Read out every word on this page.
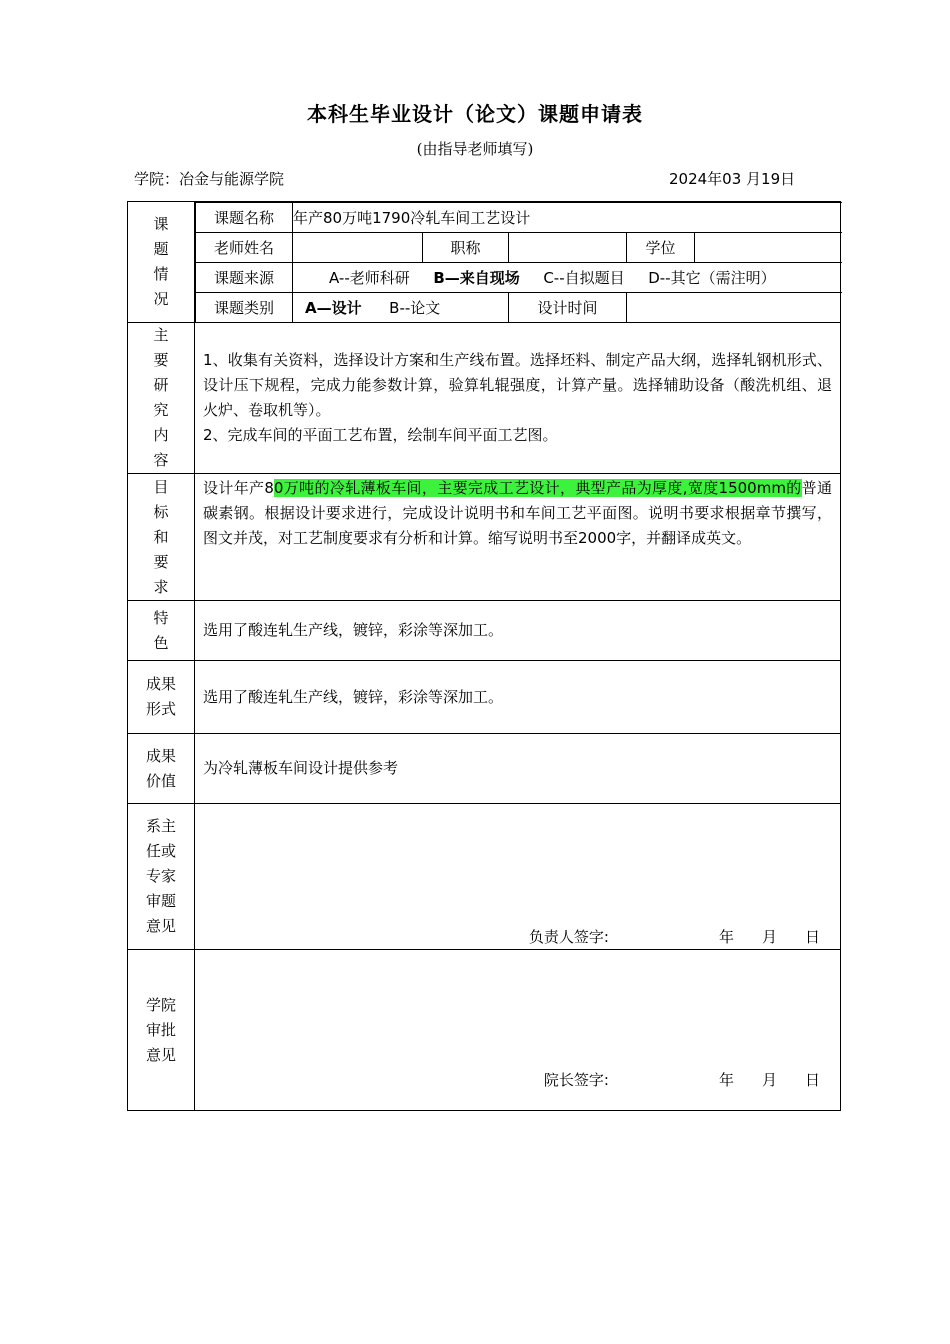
本科生毕业设计（论文）课题申请表
(由指导老师填写)
学院：冶金与能源学院	2024年03 月19日
课
题
情
况

课题名称	年产80万吨1790冷轧车间工艺设计
老师姓名		职称		学位	
课题来源	A--老师科研 B—来自现场 C--自拟题目 D--其它（需注明）
课题类别	A—设计 B--论文	设计时间	

主
要
研
究
内
容

1、收集有关资料，选择设计方案和生产线布置。选择坯料、制定产品大纲，选择轧钢机形式、设计压下规程，完成力能参数计算，验算轧辊强度，计算产量。选择辅助设备（酸洗机组、退火炉、卷取机等）。
2、完成车间的平面工艺布置，绘制车间平面工艺图。

目
标
和
要
求

设计年产80万吨的冷轧薄板车间，主要完成工艺设计，典型产品为厚度,宽度1500mm的普通碳素钢。根据设计要求进行，完成设计说明书和车间工艺平面图。说明书要求根据章节撰写，图文并茂，对工艺制度要求有分析和计算。缩写说明书至2000字，并翻译成英文。

特
色

选用了酸连轧生产线，镀锌，彩涂等深加工。

成果
形式

选用了酸连轧生产线，镀锌，彩涂等深加工。

成果
价值

为冷轧薄板车间设计提供参考

系主
任或
专家
审题
意见

负责人签字:	年 月 日

学院
审批
意见

院长签字:	年 月 日
